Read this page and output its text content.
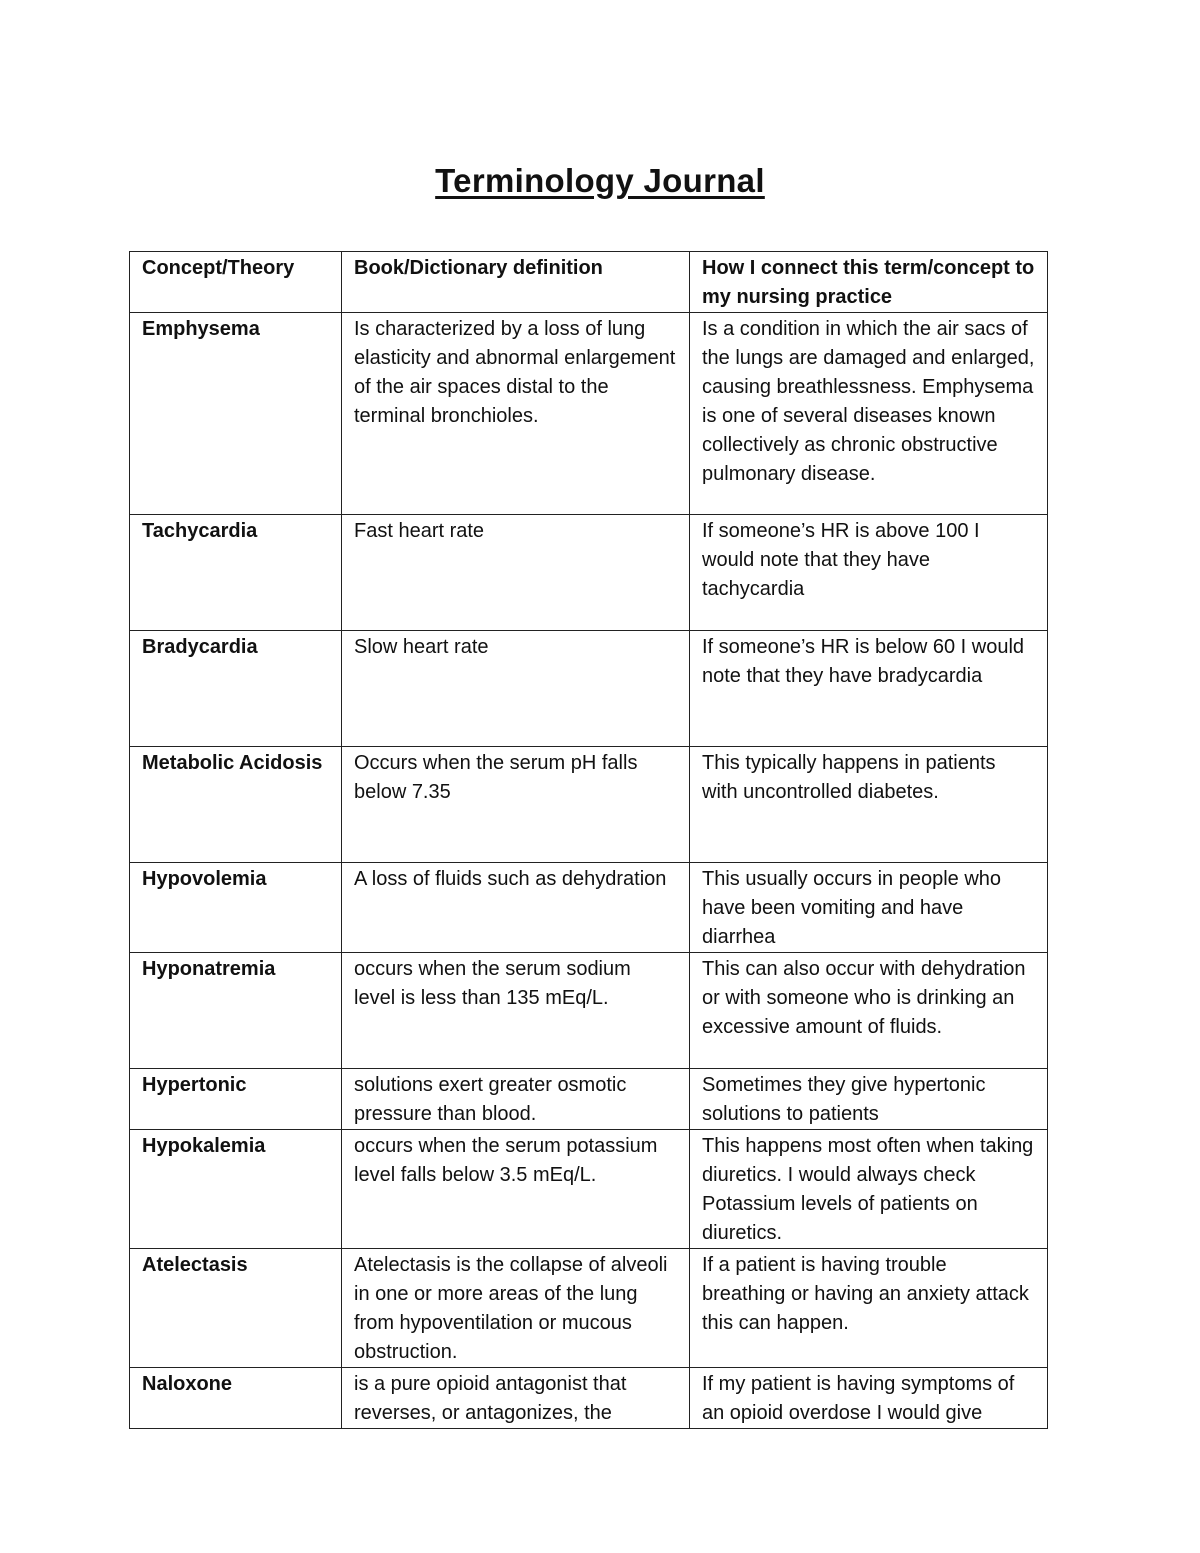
Terminology Journal
Concept/Theory	Book/Dictionary definition	How I connect this term/concept to my nursing practice
Emphysema	Is characterized by a loss of lung elasticity and abnormal enlargement of the air spaces distal to the terminal bronchioles.	Is a condition in which the air sacs of the lungs are damaged and enlarged, causing breathlessness. Emphysema is one of several diseases known collectively as chronic obstructive pulmonary disease.
Tachycardia	Fast heart rate	If someone’s HR is above 100 I would note that they have tachycardia
Bradycardia	Slow heart rate	If someone’s HR is below 60 I would note that they have bradycardia
Metabolic Acidosis	Occurs when the serum pH falls below 7.35	This typically happens in patients with uncontrolled diabetes.
Hypovolemia	A loss of fluids such as dehydration	This usually occurs in people who have been vomiting and have diarrhea
Hyponatremia	occurs when the serum sodium level is less than 135 mEq/L.	This can also occur with dehydration or with someone who is drinking an excessive amount of fluids.
Hypertonic	solutions exert greater osmotic pressure than blood.	Sometimes they give hypertonic solutions to patients
Hypokalemia	occurs when the serum potassium level falls below 3.5 mEq/L.	This happens most often when taking diuretics. I would always check Potassium levels of patients on diuretics.
Atelectasis	Atelectasis is the collapse of alveoli in one or more areas of the lung from hypoventilation or mucous obstruction.	If a patient is having trouble breathing or having an anxiety attack this can happen.
Naloxone	is a pure opioid antagonist that reverses, or antagonizes, the	If my patient is having symptoms of an opioid overdose I would give
